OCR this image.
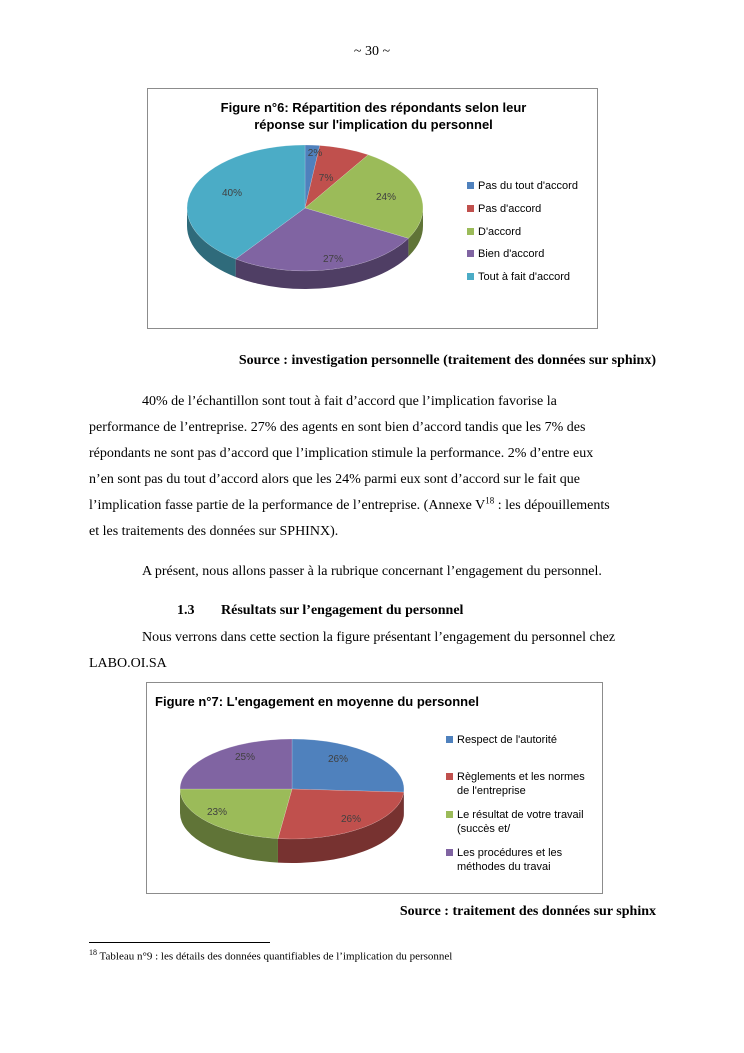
~ 30 ~
Figure n°6: Répartition des répondants selon leur
réponse sur l'implication du personnel
2%
7%
24%
27%
40%
Pas du tout d'accord
Pas d'accord
D'accord
Bien d'accord
Tout à fait d'accord
Source : investigation personnelle (traitement des données sur sphinx)
40% de l’échantillon sont tout à fait d’accord que l’implication favorise la
performance de l’entreprise. 27% des agents en sont bien d’accord tandis que les 7% des
répondants ne sont pas d’accord que l’implication stimule la performance. 2% d’entre eux
n’en sont pas du tout d’accord alors que les 24% parmi eux sont d’accord sur le fait que
l’implication fasse partie de la performance de l’entreprise. (Annexe $V^{18}$ : les dépouillements
et les traitements des données sur SPHINX).
A présent, nous allons passer à la rubrique concernant l’engagement du personnel.
1.3 Résultats sur l’engagement du personnel
Nous verrons dans cette section la figure présentant l’engagement du personnel chez
LABO.OI.SA
Figure n°7: L'engagement en moyenne du personnel
26%
26%
23%
25%
Respect de l'autorité
Règlements et les normes
de l'entreprise
Le résultat de votre travail
(succès et/
Les procédures et les
méthodes du travai
Source : traitement des données sur sphinx
$^{18}$ Tableau n°9 : les détails des données quantifiables de l’implication du personnel
